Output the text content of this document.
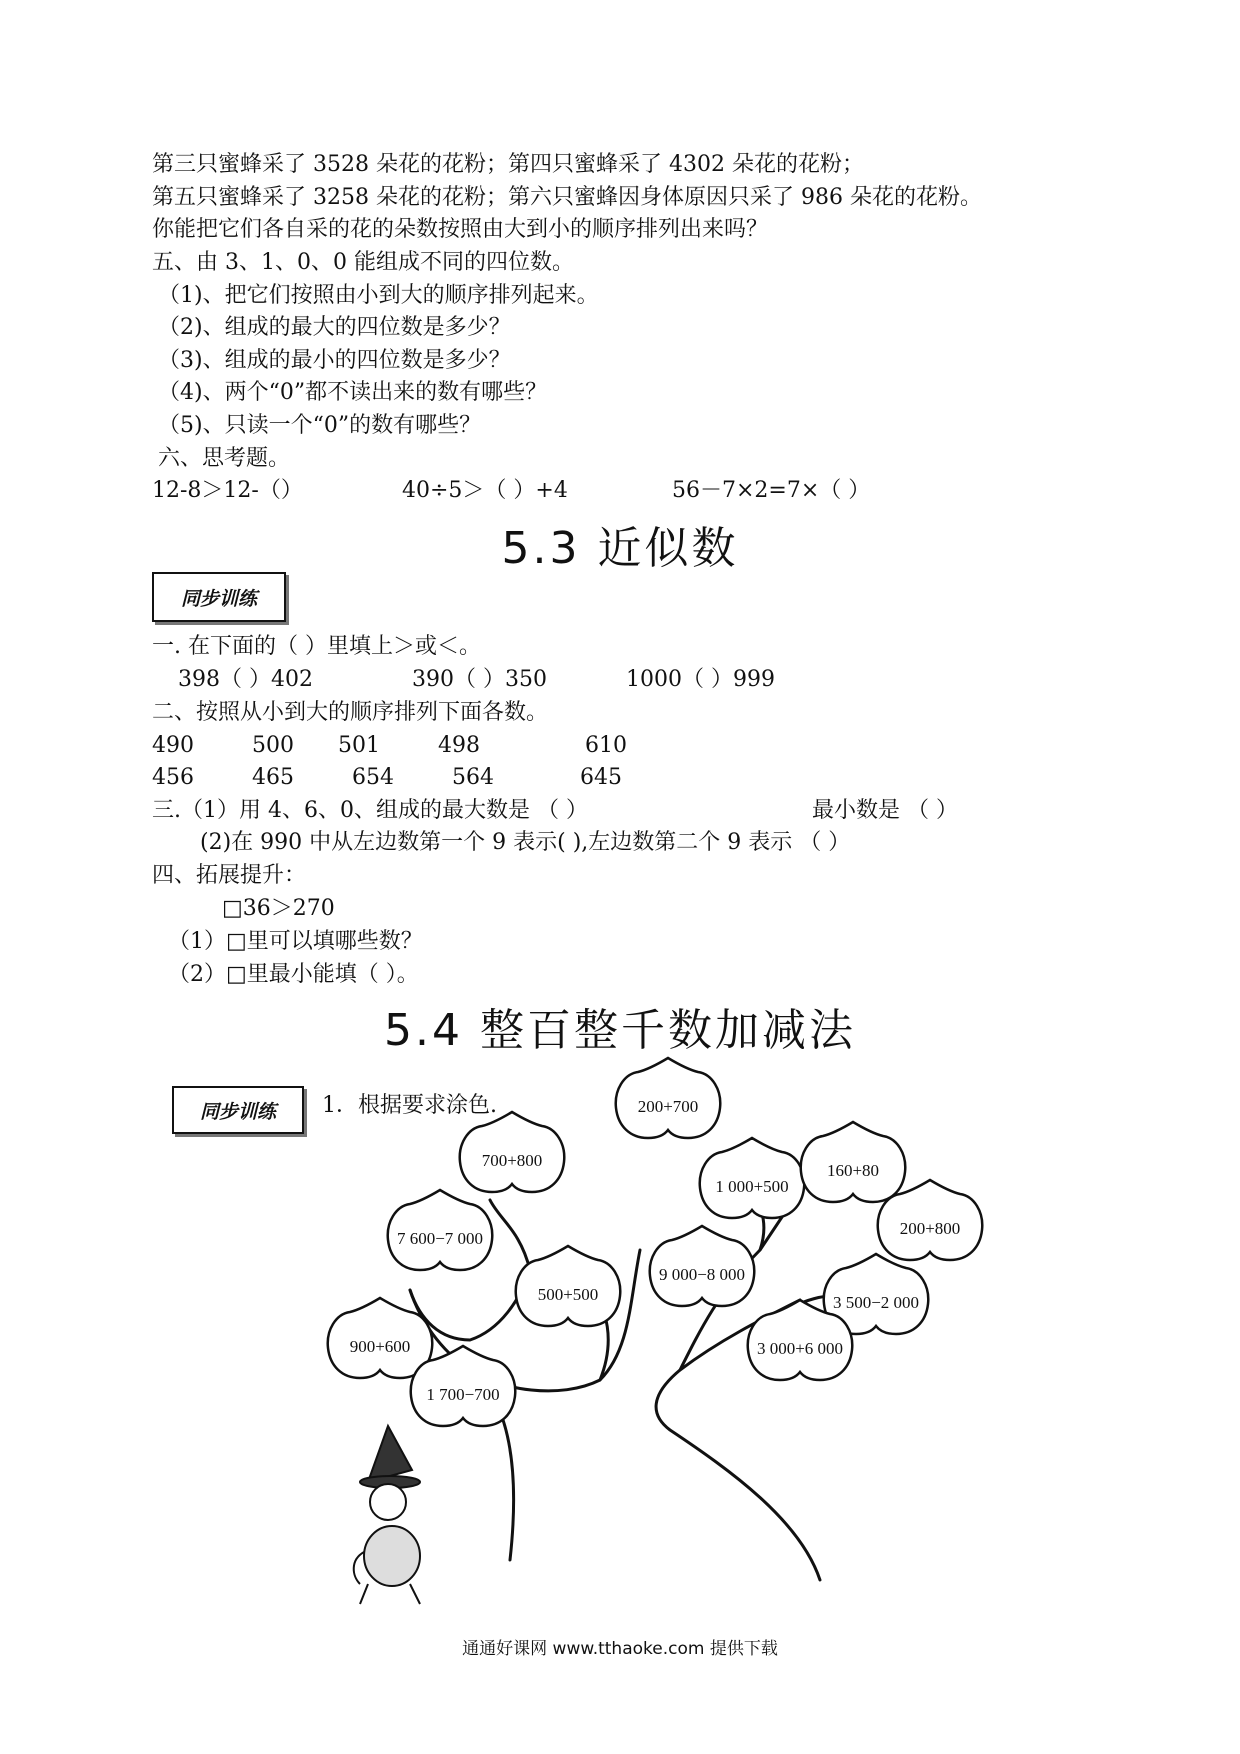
第三只蜜蜂采了 3528 朵花的花粉；第四只蜜蜂采了 4302 朵花的花粉；
第五只蜜蜂采了 3258 朵花的花粉；第六只蜜蜂因身体原因只采了 986 朵花的花粉。
你能把它们各自采的花的朵数按照由大到小的顺序排列出来吗？
五、由 3、1、0、0 能组成不同的四位数。
（1)、把它们按照由小到大的顺序排列起来。
（2)、组成的最大的四位数是多少？
（3)、组成的最小的四位数是多少？
（4)、两个“0”都不读出来的数有哪些？
（5)、只读一个“0”的数有哪些？
六、思考题。
12-8＞12-（）	40÷5＞（ ）+4	56－7×2=7×（ ）
5.3 近似数
同步训练
一. 在下面的（ ）里填上＞或＜。
398（ ）402	390（ ）350	1000（ ）999
二、按照从小到大的顺序排列下面各数。
490	500 501	498	610
456	465	654	564	645
三.（1）用 4、6、0、组成的最大数是 （ ）	最小数是 （ ）
(2)在 990 中从左边数第一个 9 表示( ),左边数第二个 9 表示 （ ）
四、拓展提升：
□36＞270
（1）□里可以填哪些数？
（2）□里最小能填（ ）。
5.4 整百整千数加减法
同步训练	1．根据要求涂色.	200+700
700+800
1 000+500
160+80
200+800
7 600−7 000
500+500
9 000−8 000
3 500−2 000
900+600	3 000+6 000
1 700−700
通通好课网 www.tthaoke.com 提供下载
